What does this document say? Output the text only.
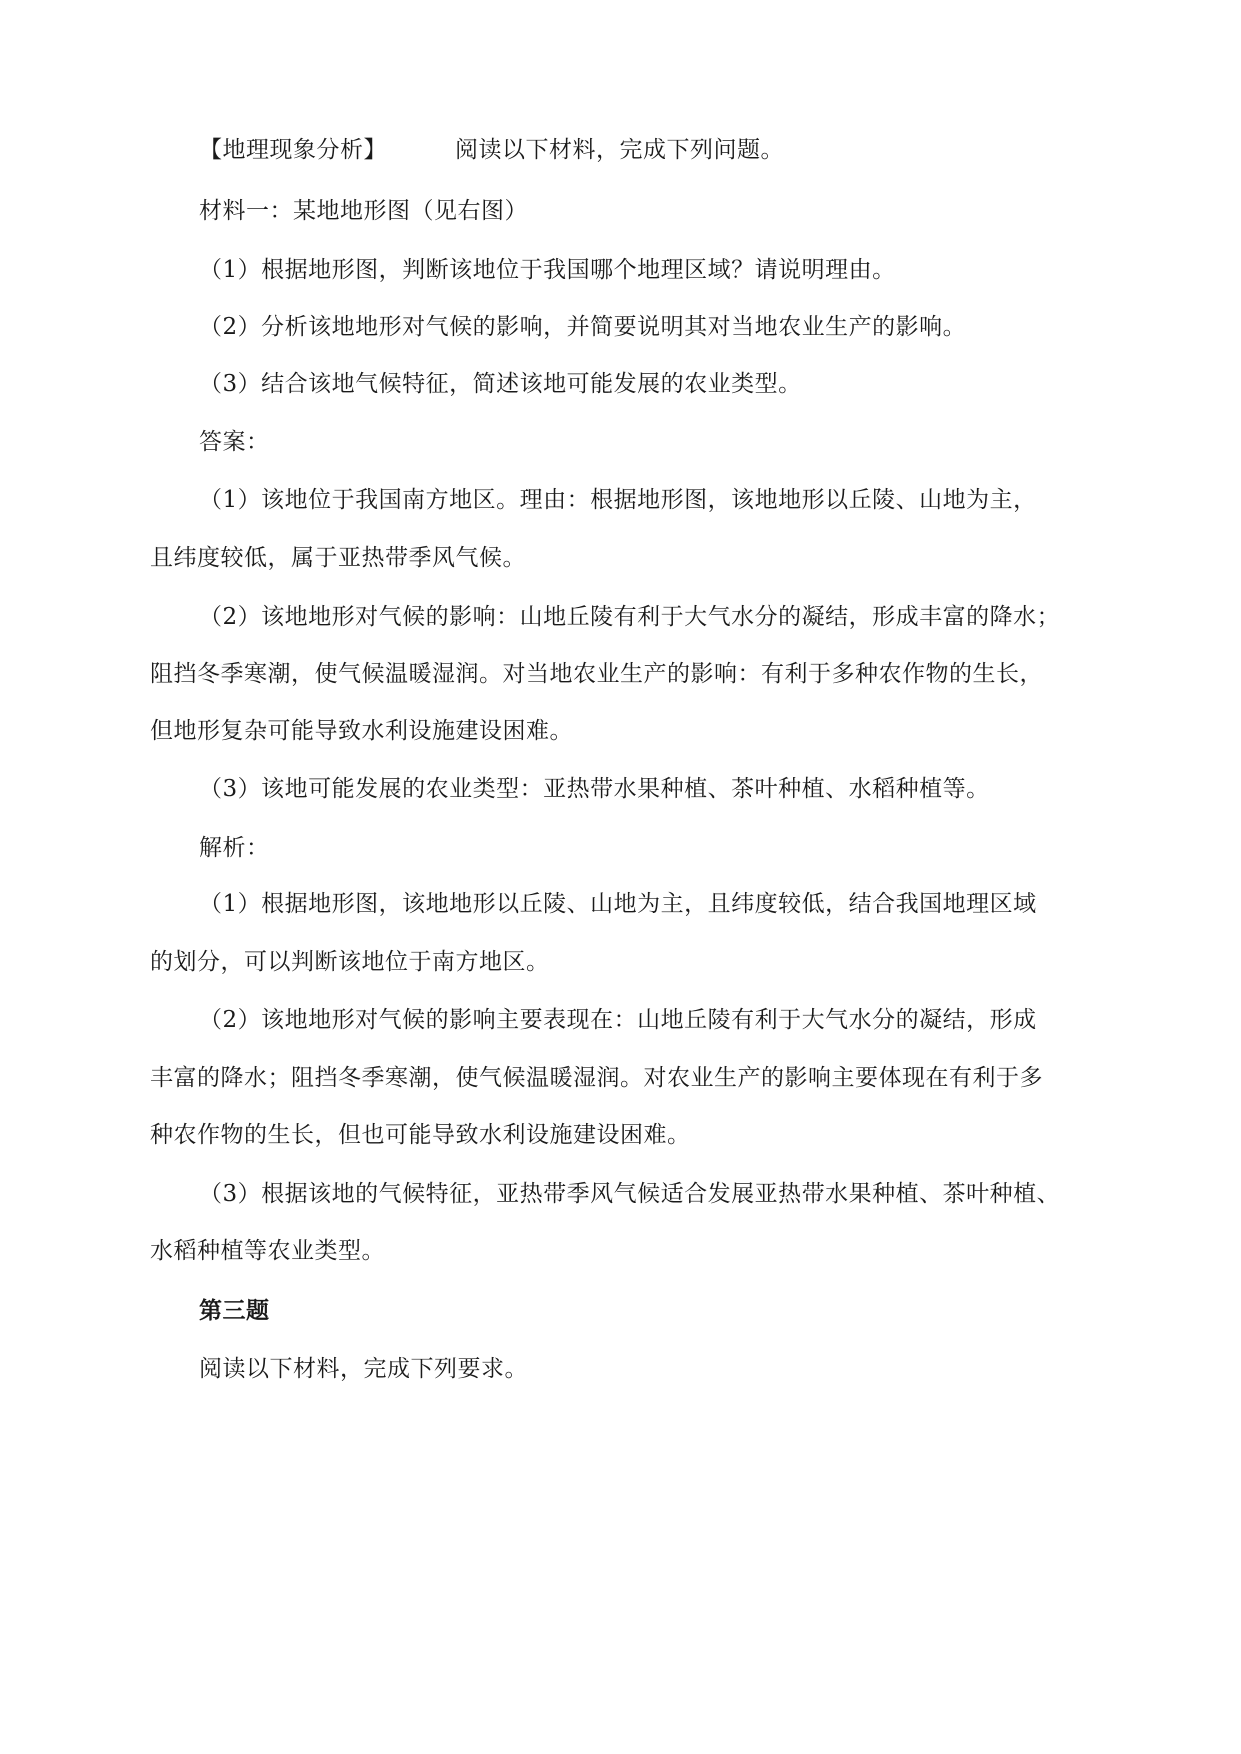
【地理现象分析】	阅读以下材料，完成下列问题。
材料一：某地地形图（见右图）
（1）根据地形图，判断该地位于我国哪个地理区域？请说明理由。
（2）分析该地地形对气候的影响，并简要说明其对当地农业生产的影响。
（3）结合该地气候特征，简述该地可能发展的农业类型。
答案：
（1）该地位于我国南方地区。理由：根据地形图，该地地形以丘陵、山地为主，
且纬度较低，属于亚热带季风气候。
（2）该地地形对气候的影响：山地丘陵有利于大气水分的凝结，形成丰富的降水；
阻挡冬季寒潮，使气候温暖湿润。对当地农业生产的影响：有利于多种农作物的生长，
但地形复杂可能导致水利设施建设困难。
（3）该地可能发展的农业类型：亚热带水果种植、茶叶种植、水稻种植等。
解析：
（1）根据地形图，该地地形以丘陵、山地为主，且纬度较低，结合我国地理区域
的划分，可以判断该地位于南方地区。
（2）该地地形对气候的影响主要表现在：山地丘陵有利于大气水分的凝结，形成
丰富的降水；阻挡冬季寒潮，使气候温暖湿润。对农业生产的影响主要体现在有利于多
种农作物的生长，但也可能导致水利设施建设困难。
（3）根据该地的气候特征，亚热带季风气候适合发展亚热带水果种植、茶叶种植、
水稻种植等农业类型。
第三题
阅读以下材料，完成下列要求。
